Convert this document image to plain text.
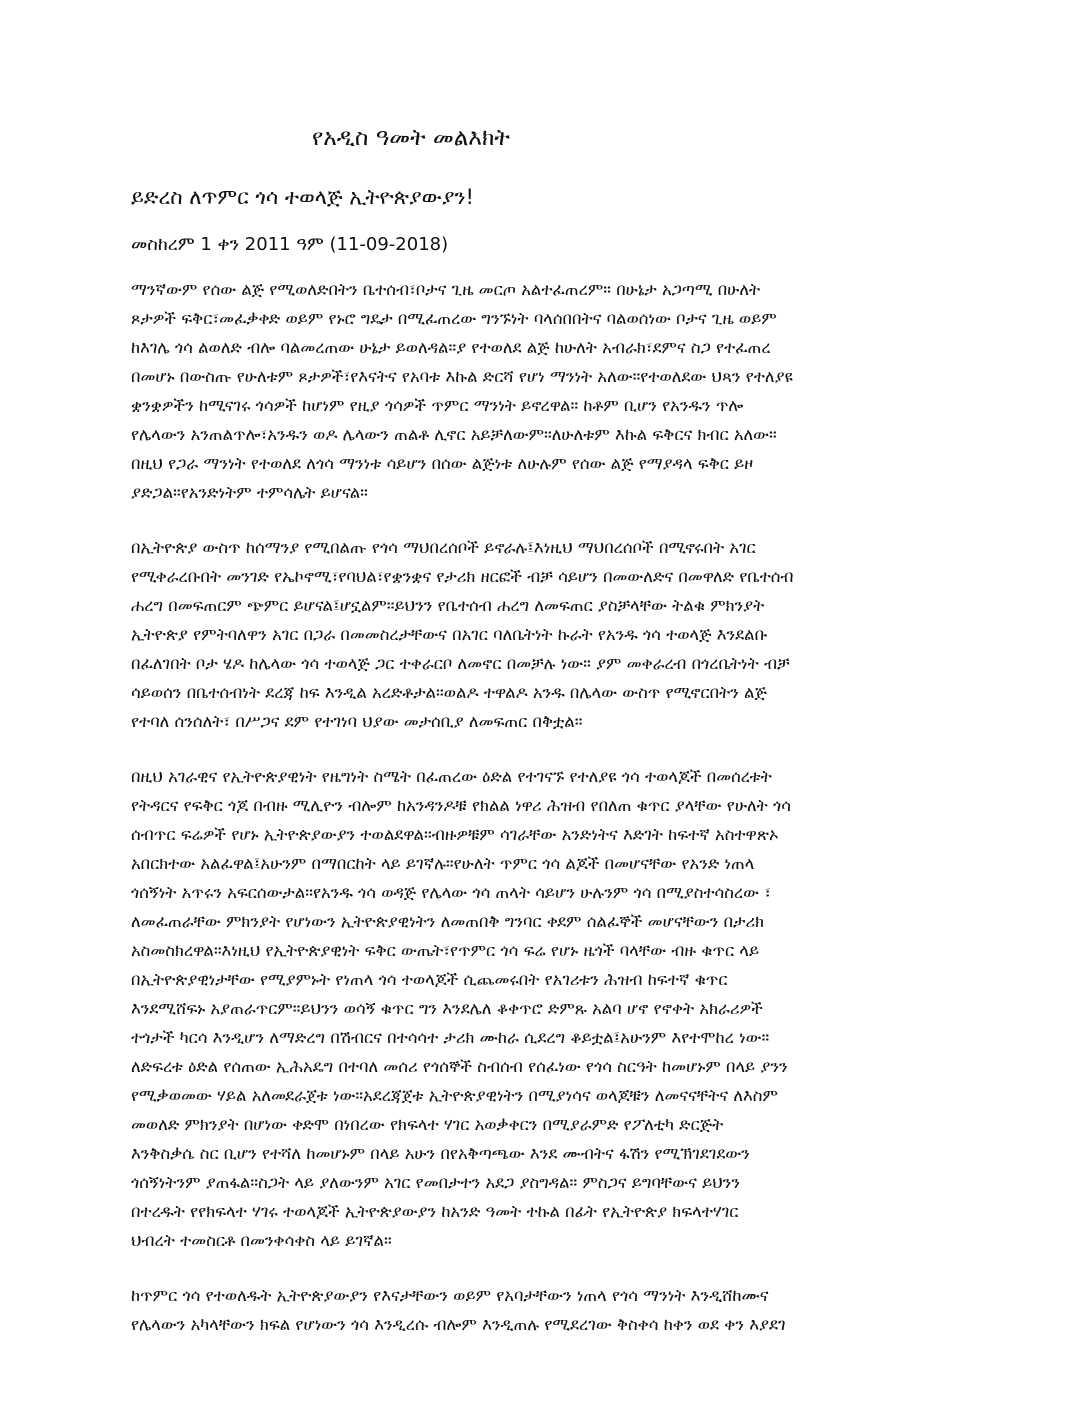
የአዲስ ዓመት መልእክት
ይድረስ ለጥምር ጎሳ ተወላጅ ኢትዮጵያውያን!

መስከረም 1 ቀን 2011 ዓም (11-09-2018)

ማንኛውም የሰው ልጅ የሚወለድበትን ቤተሰብ፣ቦታና ጊዜ መርጦ አልተፈጠረም። በሁኔታ አጋጣሚ በሁለት
ጾታዎች ፍቅር፣መፈቃቀድ ወይም የኑሮ ግዴታ በሚፈጠረው ግንኙነት ባላሰበበትና ባልወሰነው ቦታና ጊዜ ወይም
ከእገሌ ጎሳ ልወለድ ብሎ ባልመረጠው ሁኔታ ይወለዳል።ያ የተወለደ ልጅ ከሁለት አብራክ፣ደምና ስጋ የተፈጠረ
በመሆኑ በውስጡ የሁለቱም ጾታዎች፣የእናትና የአባቱ እኩል ድርሻ የሆነ ማንነት አለው።የተወለደው ህጻን የተለያዩ
ቋንቋዎችን ከሚናገሩ ጎሳዎች ከሆነም የዚያ ጎሳዎች ጥምር ማንነት ይኖረዋል። ከቶም ቢሆን የአንዱን ጥሎ
የሌላውን አንጠልጥሎ፣አንዱን ወዶ ሌላውን ጠልቶ ሊኖር አይቻለውም።ለሁለቱም እኩል ፍቅርና ክብር አለው።
በዚህ የጋራ ማንነት የተወለደ ለጎሳ ማንነቱ ሳይሆን በሰው ልጅነቱ ለሁሉም የሰው ልጅ የማያዳላ ፍቅር ይዞ
ያድጋል።የአንድነትም ተምሳሌት ይሆናል።

በኢትዮጵያ ውስጥ ከሰማንያ የሚበልጡ የጎሳ ማህበረሰቦች ይኖራሉ፤እነዚህ ማህበረሰቦች በሚኖሩበት አገር
የሚቀራረቡበት መንገድ የኤኮኖሚ፣የባህል፣የቋንቋና የታሪክ ዘርፎች ብቻ ሳይሆን በመውለድና በመዋለድ የቤተሰብ
ሐረግ በመፍጠርም ጭምር ይሆናል፤ሆኗልም።ይህንን የቤተሰብ ሐረግ ለመፍጠር ያስቻላቸው ትልቁ ምክንያት
ኢትዮጵያ የምትባለዋን አገር በጋራ በመመስረታቸውና በአገር ባለቤትነት ኩራት የአንዱ ጎሳ ተወላጅ እንደልቡ
በፈለገበት ቦታ ሄዶ ከሌላው ጎሳ ተወላጅ ጋር ተቀራርቦ ለመኖር በመቻሉ ነው። ያም መቀራረብ በጎረቤትነት ብቻ
ሳይወሰን በቤተሰብነት ደረጃ ከፍ እንዲል አረድቶታል።ወልዶ ተዋልዶ አንዱ በሌላው ውስጥ የሚኖርበትን ልጅ
የተባለ ሰንሰለት፣ በሥጋና ደም የተገነባ ህያው መታሰቢያ ለመፍጠር በቅቷል።

በዚህ አገራዊና የኢትዮጵያዊነት የዜግነት ስሜት በፈጠረው ዕድል የተገናኙ የተለያዩ ጎሳ ተወላጆች በመሰረቱት
የትዳርና የፍቅር ጎጆ በብዙ ሚሊዮን ብሎም ከአንዳንዶቹ የክልል ነዋሪ ሕዝብ የበለጠ ቁጥር ያላቸው የሁለት ጎሳ
ሰብጥር ፍሬዎች የሆኑ ኢትዮጵያውያን ተወልደዋል።ብዙዎቹም ሳገራቸው አንድነትና እድገት ከፍተኛ አስተዋጽኦ
አበርክተው አልፈዋል፤አሁንም በማበርከት ላይ ይገኛሉ።የሁለት ጥምር ጎሳ ልጆች በመሆናቸው የአንድ ነጠላ
ጎሰኝነት አጥሩን አፍርሰውታል።የአንዱ ጎሳ ወዳጅ የሌላው ጎሳ ጠላት ሳይሆን ሁሉንም ጎሳ በሚያስተሳስረው ፣
ለመፈጠራቸው ምክንያት የሆነውን ኢትዮጵያዊነትን ለመጠበቅ ግንባር ቀደም ሰልፈኞች መሆናቸውን በታሪክ
አስመስክረዋል።እነዚህ የኢትዮጵያዊነት ፍቅር ውጤት፣የጥምር ጎሳ ፍሬ የሆኑ ዜጎች ባላቸው ብዙ ቁጥር ላይ
በኢትዮጵያዊነታቸው የሚያምኑት የነጠላ ጎሳ ተወላጆች ሲጨመሩበት የአገሪቱን ሕዝብ ከፍተኛ ቁጥር
እንደሚሸፍኑ አያጠራጥርም።ይህንን ወሳኝ ቁጥር ግን እንደሌለ ቆቀጥሮ ድምጹ አልባ ሆኖ የኖቀት አክራሪዎች
ተጎታች ካርሳ እንዲሆን ለማድረግ በሽብርና በተሳሳተ ታሪክ ሙከራ ሲደረግ ቆይቷል፤አሁንም እየተሞከረ ነው።
ለድፍረቱ ዕድል የሰጠው ኢሕአዴግ በተባለ መሰሪ የጎሰኞች ስብሰብ የሰፈነው የጎሳ ስርዓት ከመሆኑም በላይ ያንን
የሚቃወመው ሃይል አለመደራጀቱ ነው።አደረጃጀቱ ኢትዮጵያዊነትን በሚያነሳና ወላጆቹን ለመናናቸትና ለእስም
መወለድ ምክንያት በሆነው ቀድሞ በነበረው የክፍላተ ሃገር አወቃቀርን በሚያራምድ የፖለቲካ ድርጅት
እንቅስቃሴ ስር ቢሆን የተሻለ ከመሆኑም በላይ አሁን በየአቅጣጫው እንደ ሙብትና ፋሽን የሚኽገደገደውን
ጎሰኝነትንም ያጠፋል።ስጋት ላይ ያለውንም አገር የመበታተን አደጋ ያስግዳል። ምስጋና ይግባቸውና ይህንን
በተረዱት የየክፍላተ ሃገሩ ተወላጆች ኢትዮጵያውያን ከአንድ ዓመት ተኩል በፊት የኢትዮጵያ ክፍላተሃገር
ህብረት ተመስርቶ በመንቀሳቀስ ላይ ይገኛል።

ከጥምር ጎሳ የተወለዱት ኢትዮጵያውያን የእናታቸውን ወይም የአባታቸውን ነጠላ የጎሳ ማንነት እንዲሸከሙና
የሌላውን አካላቸውን ክፍል የሆነውን ጎሳ እንዲረሱ ብሎም እንዲጠሉ የሚደረገው ቅስቀሳ ከቀን ወደ ቀን እያደገ
